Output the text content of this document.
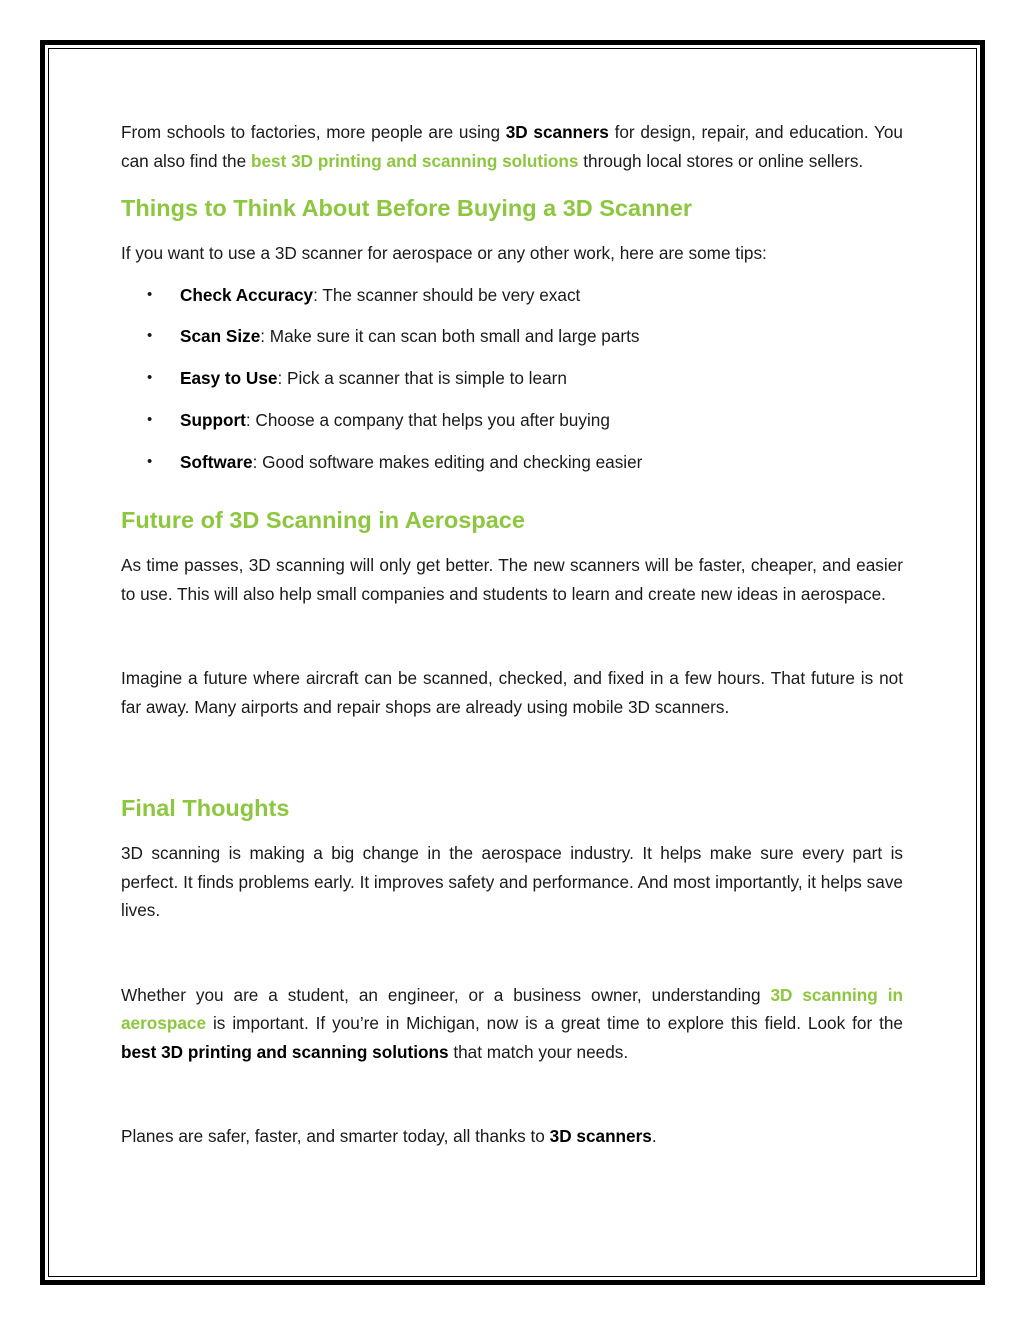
From schools to factories, more people are using 3D scanners for design, repair, and education. You can also find the best 3D printing and scanning solutions through local stores or online sellers.

Things to Think About Before Buying a 3D Scanner

If you want to use a 3D scanner for aerospace or any other work, here are some tips:

• Check Accuracy: The scanner should be very exact
• Scan Size: Make sure it can scan both small and large parts
• Easy to Use: Pick a scanner that is simple to learn
• Support: Choose a company that helps you after buying
• Software: Good software makes editing and checking easier
Future of 3D Scanning in Aerospace

As time passes, 3D scanning will only get better. The new scanners will be faster, cheaper, and easier to use. This will also help small companies and students to learn and create new ideas in aerospace.

Imagine a future where aircraft can be scanned, checked, and fixed in a few hours. That future is not far away. Many airports and repair shops are already using mobile 3D scanners.

Final Thoughts

3D scanning is making a big change in the aerospace industry. It helps make sure every part is perfect. It finds problems early. It improves safety and performance. And most importantly, it helps save lives.

Whether you are a student, an engineer, or a business owner, understanding 3D scanning in aerospace is important. If you’re in Michigan, now is a great time to explore this field. Look for the best 3D printing and scanning solutions that match your needs.

Planes are safer, faster, and smarter today, all thanks to 3D scanners.
